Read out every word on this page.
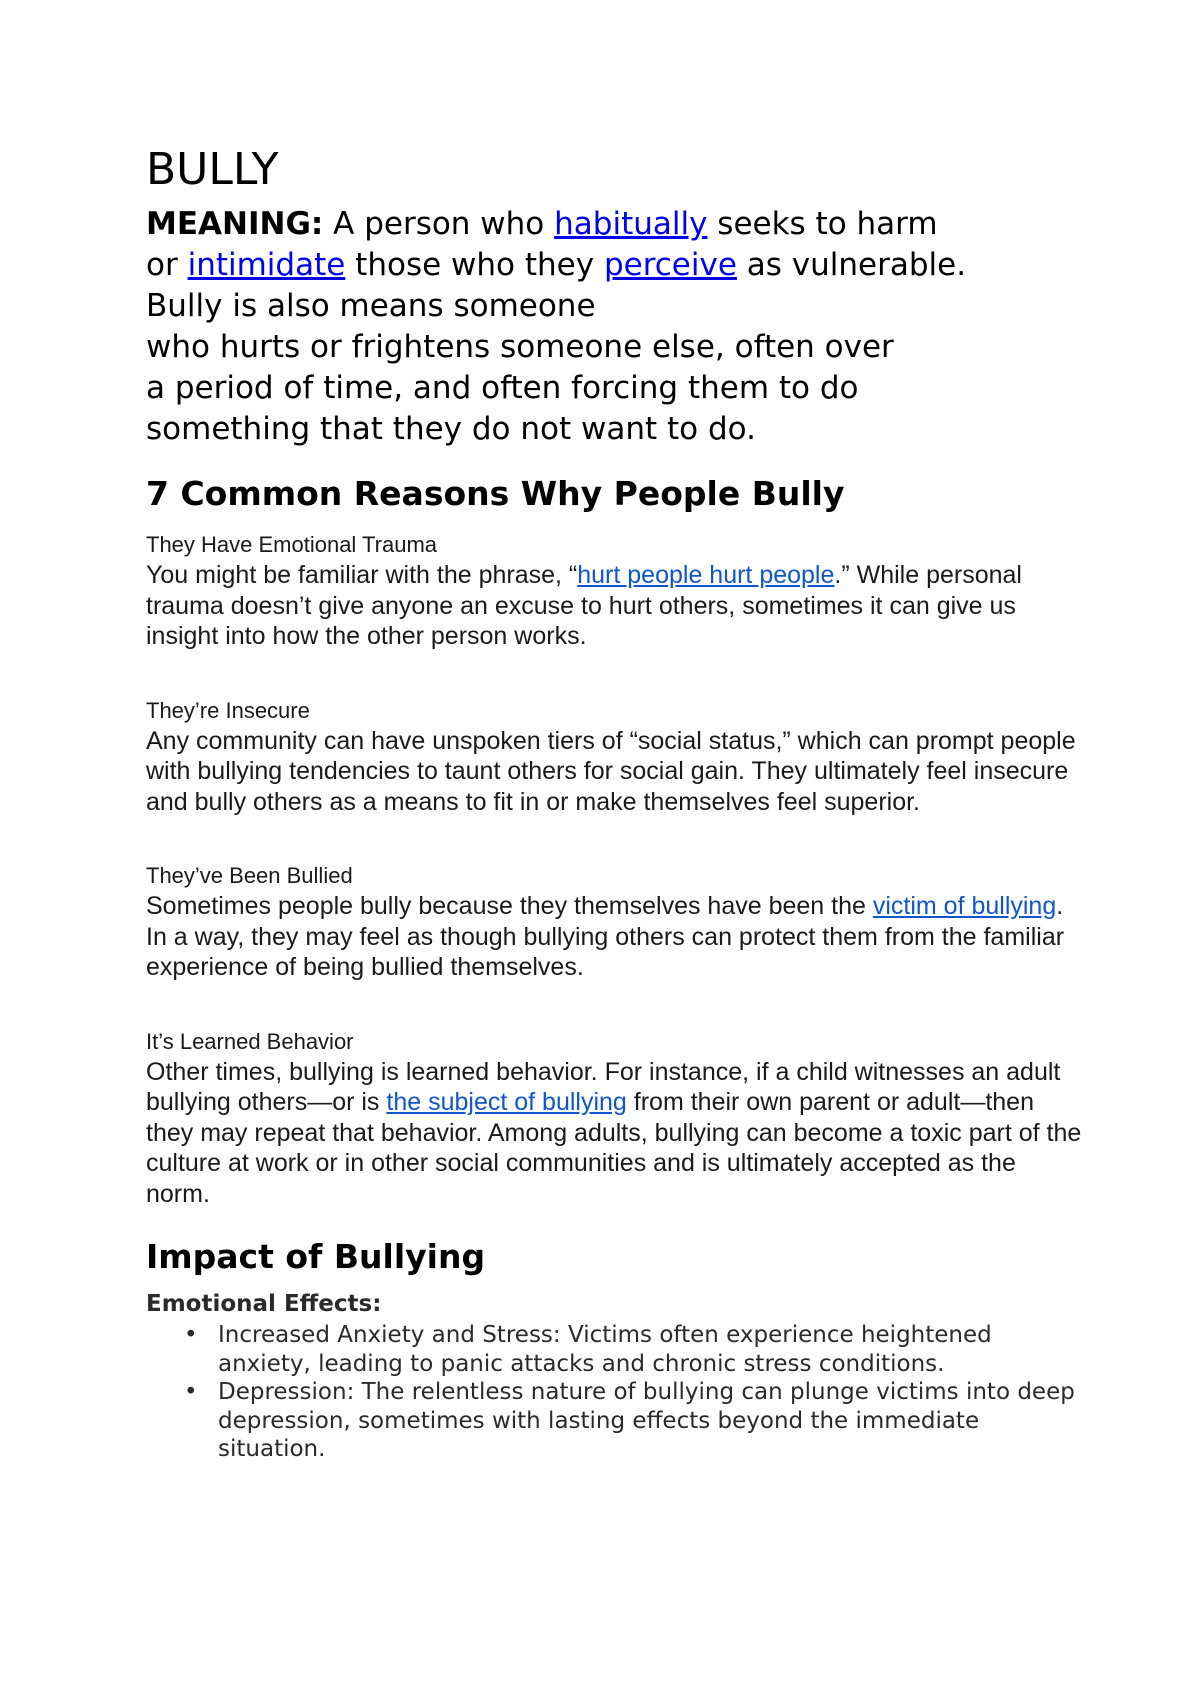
BULLY

MEANING: A person who habitually seeks to harm
or intimidate those who they perceive as vulnerable.
Bully is also means someone
who hurts or frightens someone else, often over
a period of time, and often forcing them to do
something that they do not want to do.

7 Common Reasons Why People Bully
They Have Emotional Trauma
You might be familiar with the phrase, “hurt people hurt people.” While personal trauma doesn’t give anyone an excuse to hurt others, sometimes it can give us insight into how the other person works.
They’re Insecure
Any community can have unspoken tiers of “social status,” which can prompt people with bullying tendencies to taunt others for social gain. They ultimately feel insecure and bully others as a means to fit in or make themselves feel superior.
They’ve Been Bullied
Sometimes people bully because they themselves have been the victim of bullying. In a way, they may feel as though bullying others can protect them from the familiar experience of being bullied themselves.
It’s Learned Behavior
Other times, bullying is learned behavior. For instance, if a child witnesses an adult bullying others—or is the subject of bullying from their own parent or adult—then they may repeat that behavior. Among adults, bullying can become a toxic part of the culture at work or in other social communities and is ultimately accepted as the norm.
Impact of Bullying
Emotional Effects:
• Increased Anxiety and Stress: Victims often experience heightened anxiety, leading to panic attacks and chronic stress conditions.
• Depression: The relentless nature of bullying can plunge victims into deep depression, sometimes with lasting effects beyond the immediate situation.
